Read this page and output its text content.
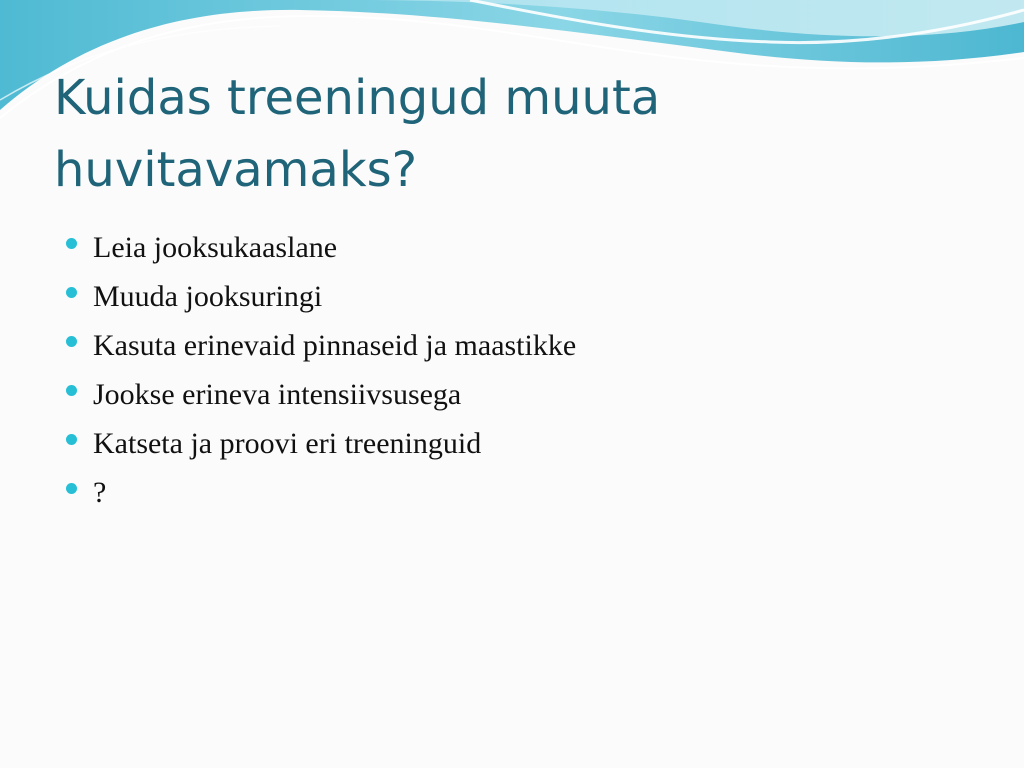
Kuidas treeningud muuta
huvitavamaks?
Leia jooksukaaslane
Muuda jooksuringi
Kasuta erinevaid pinnaseid ja maastikke
Jookse erineva intensiivsusega
Katseta ja proovi eri treeninguid
?
